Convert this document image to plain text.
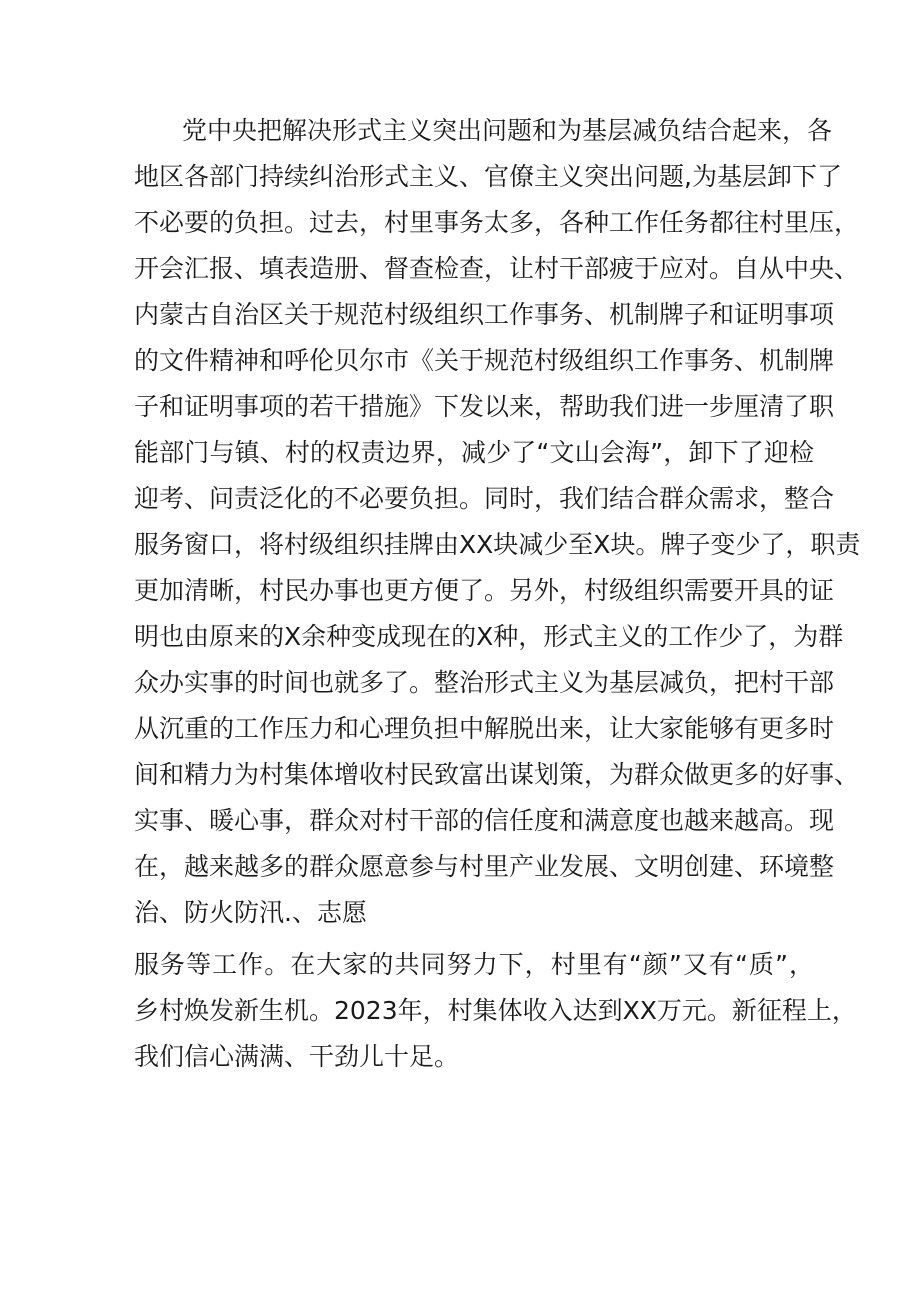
党中央把解决形式主义突出问题和为基层减负结合起来，各
地区各部门持续纠治形式主义、官僚主义突出问题,为基层卸下了
不必要的负担。过去，村里事务太多，各种工作任务都往村里压，
开会汇报、填表造册、督查检查，让村干部疲于应对。自从中央、
内蒙古自治区关于规范村级组织工作事务、机制牌子和证明事项
的文件精神和呼伦贝尔市《关于规范村级组织工作事务、机制牌
子和证明事项的若干措施》下发以来，帮助我们进一步厘清了职
能部门与镇、村的权责边界，减少了“文山会海”，卸下了迎检
迎考、问责泛化的不必要负担。同时，我们结合群众需求，整合
服务窗口，将村级组织挂牌由XX块减少至X块。牌子变少了，职责
更加清晰，村民办事也更方便了。另外，村级组织需要开具的证
明也由原来的X余种变成现在的X种，形式主义的工作少了，为群
众办实事的时间也就多了。整治形式主义为基层减负，把村干部
从沉重的工作压力和心理负担中解脱出来，让大家能够有更多时
间和精力为村集体增收村民致富出谋划策，为群众做更多的好事、
实事、暖心事，群众对村干部的信任度和满意度也越来越高。现
在，越来越多的群众愿意参与村里产业发展、文明创建、环境整
治、防火防汛.、志愿
服务等工作。在大家的共同努力下，村里有“颜”又有“质”，
乡村焕发新生机。2023年，村集体收入达到XX万元。新征程上，
我们信心满满、干劲儿十足。
